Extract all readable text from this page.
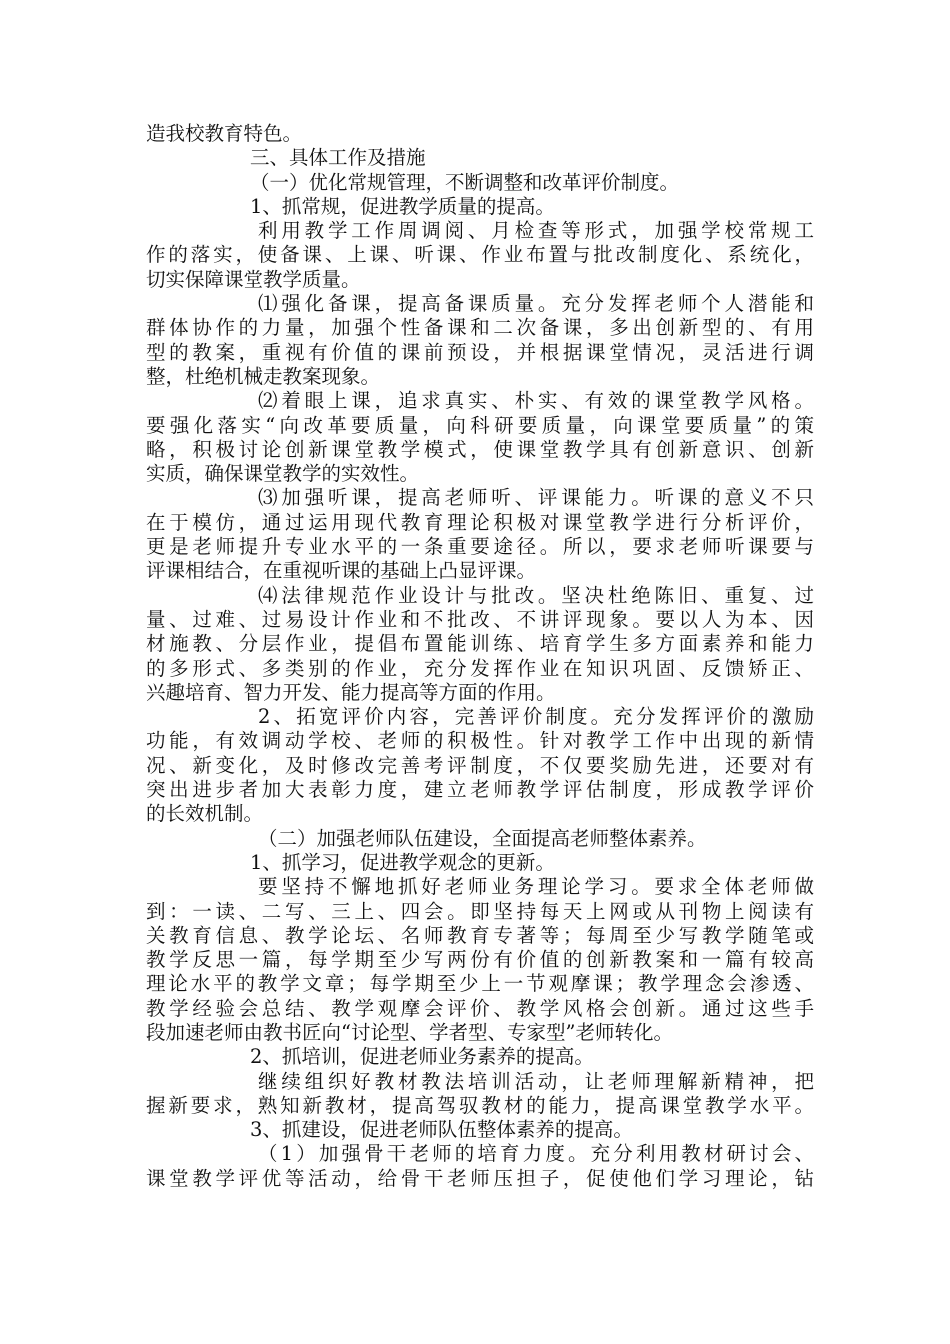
造我校教育特色。
三、具体工作及措施
（一）优化常规管理，不断调整和改革评价制度。
1、抓常规，促进教学质量的提高。
利用教学工作周调阅、月检查等形式，加强学校常规工
作的落实，使备课、上课、听课、作业布置与批改制度化、系统化，
切实保障课堂教学质量。
⑴强化备课，提高备课质量。充分发挥老师个人潜能和
群体协作的力量，加强个性备课和二次备课，多出创新型的、有用
型的教案，重视有价值的课前预设，并根据课堂情况，灵活进行调
整，杜绝机械走教案现象。
⑵着眼上课，追求真实、朴实、有效的课堂教学风格。
要强化落实“向改革要质量，向科研要质量，向课堂要质量”的策
略，积极讨论创新课堂教学模式，使课堂教学具有创新意识、创新
实质，确保课堂教学的实效性。
⑶加强听课，提高老师听、评课能力。听课的意义不只
在于模仿，通过运用现代教育理论积极对课堂教学进行分析评价，
更是老师提升专业水平的一条重要途径。所以，要求老师听课要与
评课相结合，在重视听课的基础上凸显评课。
⑷法律规范作业设计与批改。坚决杜绝陈旧、重复、过
量、过难、过易设计作业和不批改、不讲评现象。要以人为本、因
材施教、分层作业，提倡布置能训练、培育学生多方面素养和能力
的多形式、多类别的作业，充分发挥作业在知识巩固、反馈矫正、
兴趣培育、智力开发、能力提高等方面的作用。
2、拓宽评价内容，完善评价制度。充分发挥评价的激励
功能，有效调动学校、老师的积极性。针对教学工作中出现的新情
况、新变化，及时修改完善考评制度，不仅要奖励先进，还要对有
突出进步者加大表彰力度，建立老师教学评估制度，形成教学评价
的长效机制。
（二）加强老师队伍建设，全面提高老师整体素养。
1、抓学习，促进教学观念的更新。
要坚持不懈地抓好老师业务理论学习。要求全体老师做
到：一读、二写、三上、四会。即坚持每天上网或从刊物上阅读有
关教育信息、教学论坛、名师教育专著等；每周至少写教学随笔或
教学反思一篇，每学期至少写两份有价值的创新教案和一篇有较高
理论水平的教学文章；每学期至少上一节观摩课；教学理念会渗透、
教学经验会总结、教学观摩会评价、教学风格会创新。通过这些手
段加速老师由教书匠向“讨论型、学者型、专家型”老师转化。
2、抓培训，促进老师业务素养的提高。
继续组织好教材教法培训活动，让老师理解新精神，把
握新要求，熟知新教材，提高驾驭教材的能力，提高课堂教学水平。
3、抓建设，促进老师队伍整体素养的提高。
（1）加强骨干老师的培育力度。充分利用教材研讨会、
课堂教学评优等活动，给骨干老师压担子，促使他们学习理论，钻
